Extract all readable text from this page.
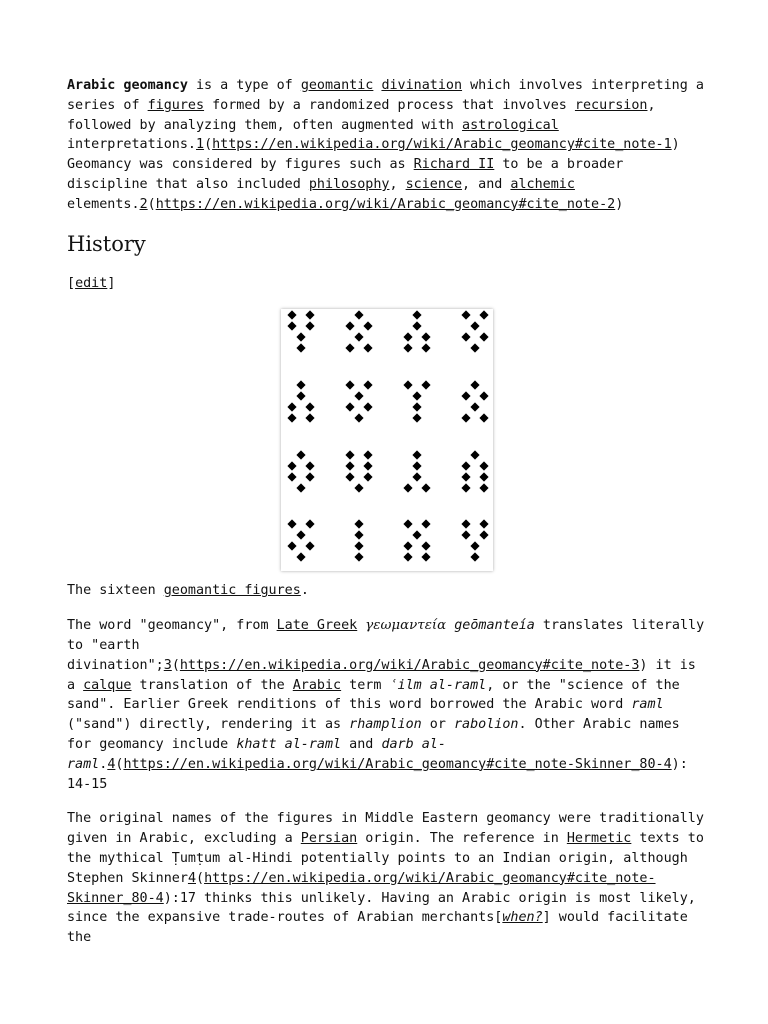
Arabic geomancy is a type of geomantic divination which involves interpreting a series of figures formed by a randomized process that involves recursion, followed by analyzing them, often augmented with astrological interpretations.1(https://en.wikipedia.org/wiki/Arabic_geomancy#cite_note-1) Geomancy was considered by figures such as Richard II to be a broader discipline that also included philosophy, science, and alchemic elements.2(https://en.wikipedia.org/wiki/Arabic_geomancy#cite_note-2)

History
[edit]

The sixteen geomantic figures.

The word "geomancy", from Late Greek γεωμαντεία geōmanteía translates literally to "earth divination";3(https://en.wikipedia.org/wiki/Arabic_geomancy#cite_note-3) it is a calque translation of the Arabic term ʿilm al-raml, or the "science of the sand". Earlier Greek renditions of this word borrowed the Arabic word raml ("sand") directly, rendering it as rhamplion or rabolion. Other Arabic names for geomancy include khatt al-raml and darb al-raml.4(https://en.wikipedia.org/wiki/Arabic_geomancy#cite_note-Skinner_80-4): 14-15

The original names of the figures in Middle Eastern geomancy were traditionally given in Arabic, excluding a Persian origin. The reference in Hermetic texts to the mythical Ṭumṭum al-Hindi potentially points to an Indian origin, although Stephen Skinner4(https://en.wikipedia.org/wiki/Arabic_geomancy#cite_note-Skinner_80-4):17 thinks this unlikely. Having an Arabic origin is most likely, since the expansive trade-routes of Arabian merchants[when?] would facilitate the
